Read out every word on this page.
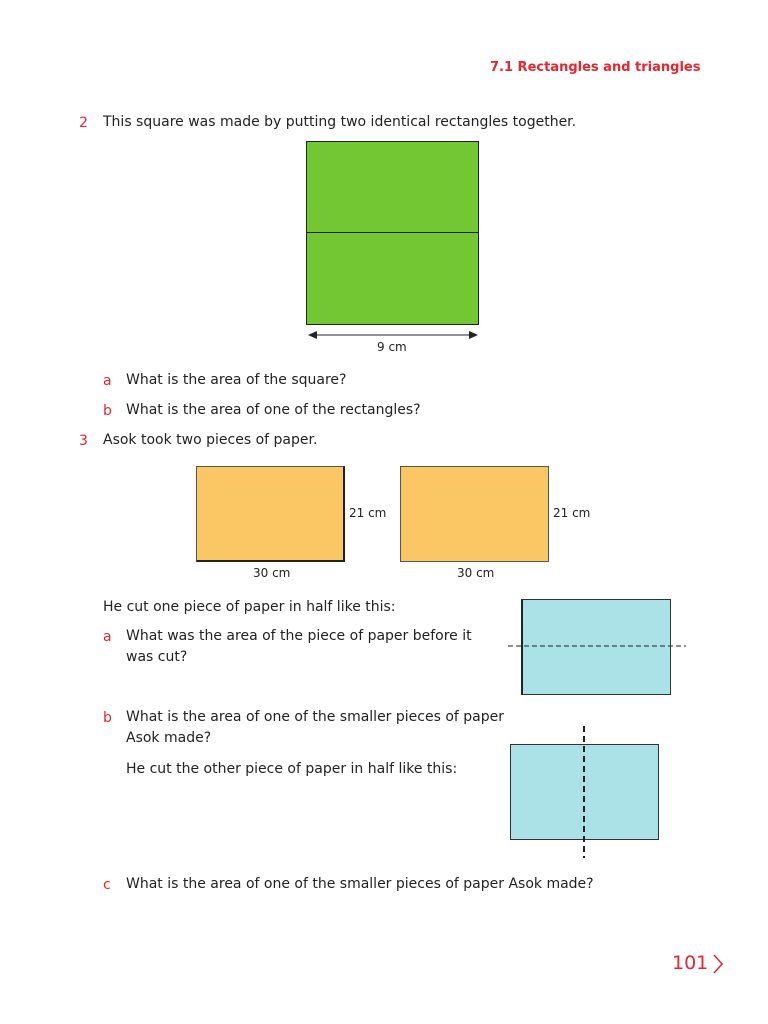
7.1 Rectangles and triangles
2 This square was made by putting two identical rectangles together.
9 cm
a What is the area of the square?
b What is the area of one of the rectangles?
3 Asok took two pieces of paper.
21 cm
30 cm
21 cm
30 cm
He cut one piece of paper in half like this:
a What was the area of the piece of paper before it
was cut?
b What is the area of one of the smaller pieces of paper
Asok made?
He cut the other piece of paper in half like this:
c What is the area of one of the smaller pieces of paper Asok made?
101
